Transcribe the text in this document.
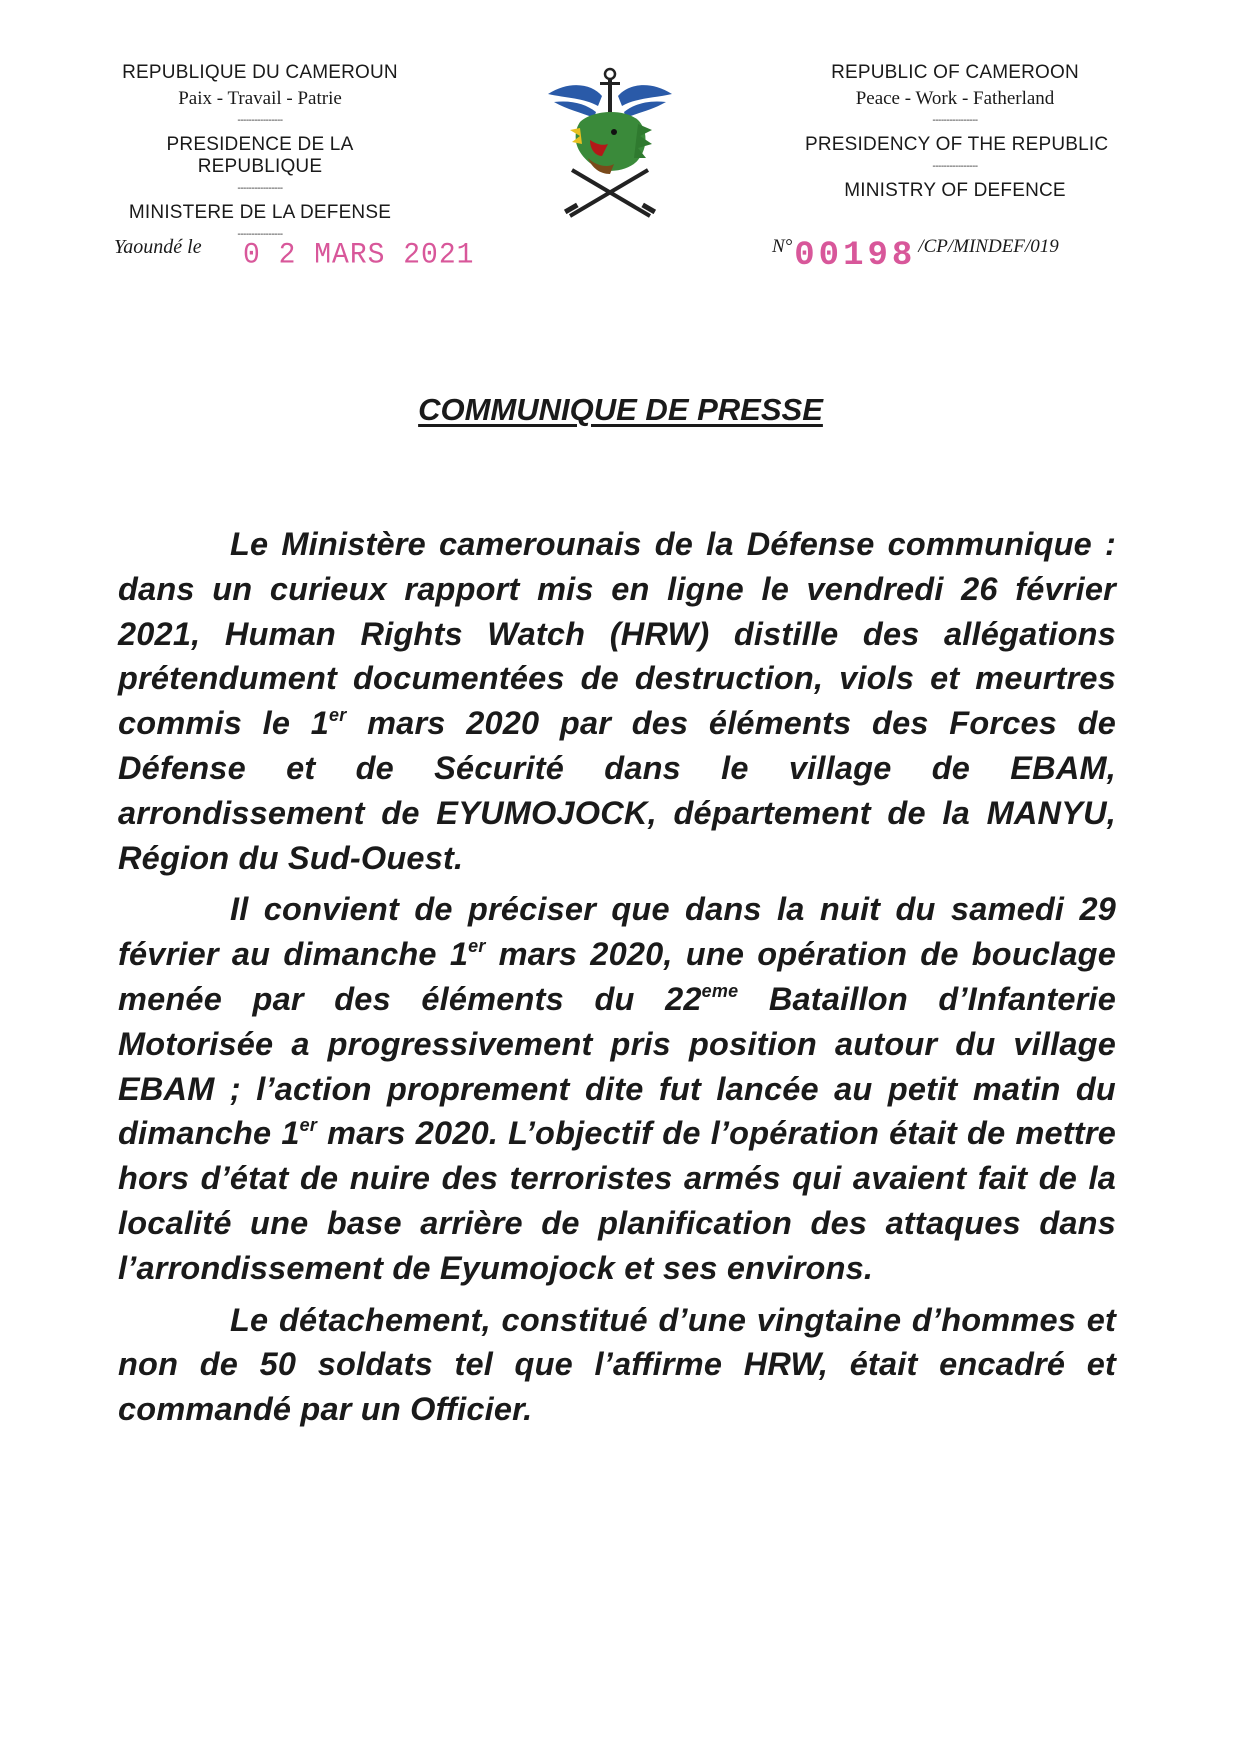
REPUBLIQUE DU CAMEROUN
Paix - Travail - Patrie
----------------
PRESIDENCE DE LA REPUBLIQUE
----------------
MINISTERE DE LA DEFENSE
----------------
REPUBLIC OF CAMEROON
Peace - Work - Fatherland
----------------
PRESIDENCY OF THE REPUBLIC
----------------
MINISTRY OF DEFENCE
Yaoundé le 0 2 MARS 2021	N°00198 /CP/MINDEF/019
COMMUNIQUE DE PRESSE

Le Ministère camerounais de la Défense communique : dans un curieux rapport mis en ligne le vendredi 26 février 2021, Human Rights Watch (HRW) distille des allégations prétendument documentées de destruction, viols et meurtres commis le 1er mars 2020 par des éléments des Forces de Défense et de Sécurité dans le village de EBAM, arrondissement de EYUMOJOCK, département de la MANYU, Région du Sud-Ouest.

Il convient de préciser que dans la nuit du samedi 29 février au dimanche 1er mars 2020, une opération de bouclage menée par des éléments du 22eme Bataillon d’Infanterie Motorisée a progressivement pris position autour du village EBAM ; l’action proprement dite fut lancée au petit matin du dimanche 1er mars 2020. L’objectif de l’opération était de mettre hors d’état de nuire des terroristes armés qui avaient fait de la localité une base arrière de planification des attaques dans l’arrondissement de Eyumojock et ses environs.

Le détachement, constitué d’une vingtaine d’hommes et non de 50 soldats tel que l’affirme HRW, était encadré et commandé par un Officier.
